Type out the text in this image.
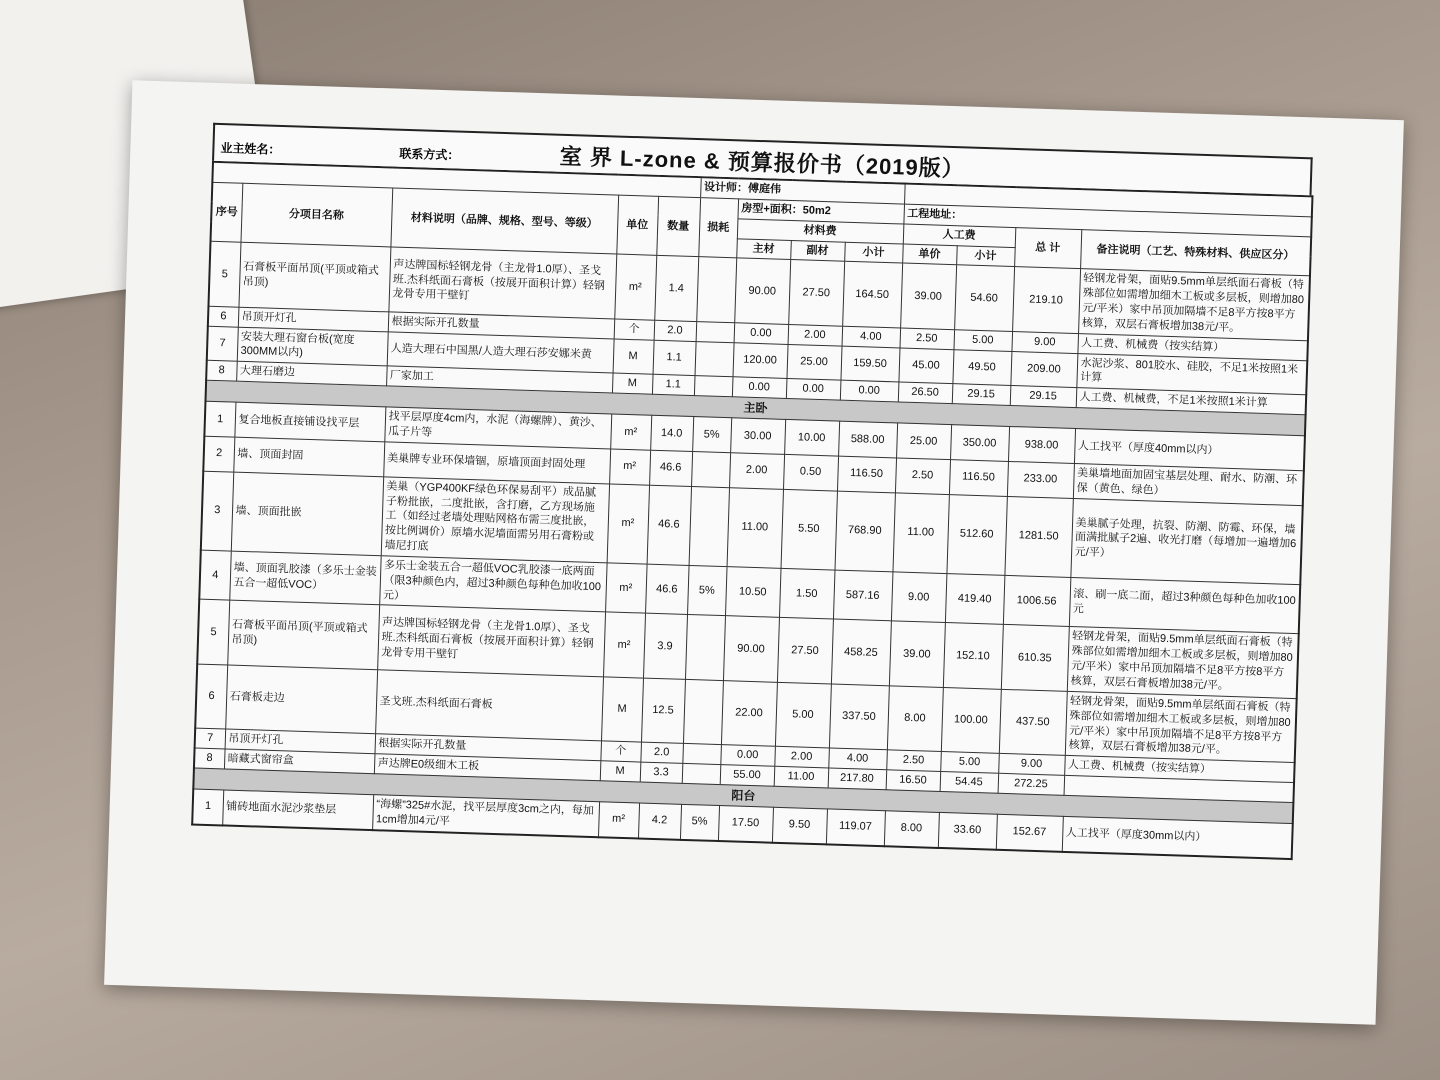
业主姓名：	联系方式：	室 界 L-zone & 预算报价书（2019版）
					设计师：傅庭伟							
序号	分项目名称	材料说明（品牌、规格、型号、等级）	单位	数量	损耗	房型+面积：50m2			工程地址：			
						材料费			人工费		总 计	备注说明（工艺、特殊材料、供应区分）
						主材	副材	小计	单价	小计		
5	石膏板平面吊顶(平顶或箱式吊顶)	声达牌国标轻钢龙骨（主龙骨1.0厚）、圣戈班.杰科纸面石膏板（按展开面积计算）轻钢龙骨专用干壁钉	m²	1.4		90.00	27.50	164.50	39.00	54.60	219.10	轻钢龙骨架，面贴9.5mm单层纸面石膏板（特殊部位如需增加细木工板或多层板，则增加80元/平米）家中吊顶加隔墙不足8平方按8平方核算，双层石膏板增加38元/平。
6	吊顶开灯孔	根据实际开孔数量	个	2.0		0.00	2.00	4.00	2.50	5.00	9.00	人工费、机械费（按实结算）
7	安装大理石窗台板(宽度300MM以内)	人造大理石中国黑/人造大理石莎安娜米黄	M	1.1		120.00	25.00	159.50	45.00	49.50	209.00	水泥沙浆、801胶水、硅胶，不足1米按照1米计算
8	大理石磨边	厂家加工	M	1.1		0.00	0.00	0.00	26.50	29.15	29.15	人工费、机械费，不足1米按照1米计算
主卧												
1	复合地板直接铺设找平层	找平层厚度4cm内，水泥（海螺牌）、黄沙、瓜子片等	m²	14.0	5%	30.00	10.00	588.00	25.00	350.00	938.00	人工找平（厚度40mm以内）
2	墙、顶面封固	美巢牌专业环保墙锢，原墙顶面封固处理	m²	46.6		2.00	0.50	116.50	2.50	116.50	233.00	美巢墙地面加固宝基层处理、耐水、防潮、环保（黄色、绿色）
3	墙、顶面批嵌	美巢（YGP400KF绿色环保易刮平）成品腻子粉批嵌，二度批嵌，含打磨，乙方现场施工（如经过老墙处理贴网格布需三度批嵌，按比例调价）原墙水泥墙面需另用石膏粉或墙尼打底	m²	46.6		11.00	5.50	768.90	11.00	512.60	1281.50	美巢腻子处理，抗裂、防潮、防霉、环保，墙面满批腻子2遍、收光打磨（每增加一遍增加6元/平）
4	墙、顶面乳胶漆（多乐士金装五合一超低VOC）	多乐士金装五合一超低VOC乳胶漆一底两面（限3种颜色内，超过3种颜色每种色加收100元）	m²	46.6	5%	10.50	1.50	587.16	9.00	419.40	1006.56	滚、刷一底二面，超过3种颜色每种色加收100元
5	石膏板平面吊顶(平顶或箱式吊顶)	声达牌国标轻钢龙骨（主龙骨1.0厚）、圣戈班.杰科纸面石膏板（按展开面积计算）轻钢龙骨专用干壁钉	m²	3.9		90.00	27.50	458.25	39.00	152.10	610.35	轻钢龙骨架，面贴9.5mm单层纸面石膏板（特殊部位如需增加细木工板或多层板，则增加80元/平米）家中吊顶加隔墙不足8平方按8平方核算，双层石膏板增加38元/平。
6	石膏板走边	圣戈班.杰科纸面石膏板	M	12.5		22.00	5.00	337.50	8.00	100.00	437.50	轻钢龙骨架，面贴9.5mm单层纸面石膏板（特殊部位如需增加细木工板或多层板，则增加80元/平米）家中吊顶加隔墙不足8平方按8平方核算，双层石膏板增加38元/平。
7	吊顶开灯孔	根据实际开孔数量	个	2.0		0.00	2.00	4.00	2.50	5.00	9.00	人工费、机械费（按实结算）
8	暗藏式窗帘盒	声达牌E0级细木工板	M	3.3		55.00	11.00	217.80	16.50	54.45	272.25	
阳台												
1	铺砖地面水泥沙浆垫层	“海螺”325#水泥，找平层厚度3cm之内，每加1cm增加4元/平	m²	4.2	5%	17.50	9.50	119.07	8.00	33.60	152.67	人工找平（厚度30mm以内）
